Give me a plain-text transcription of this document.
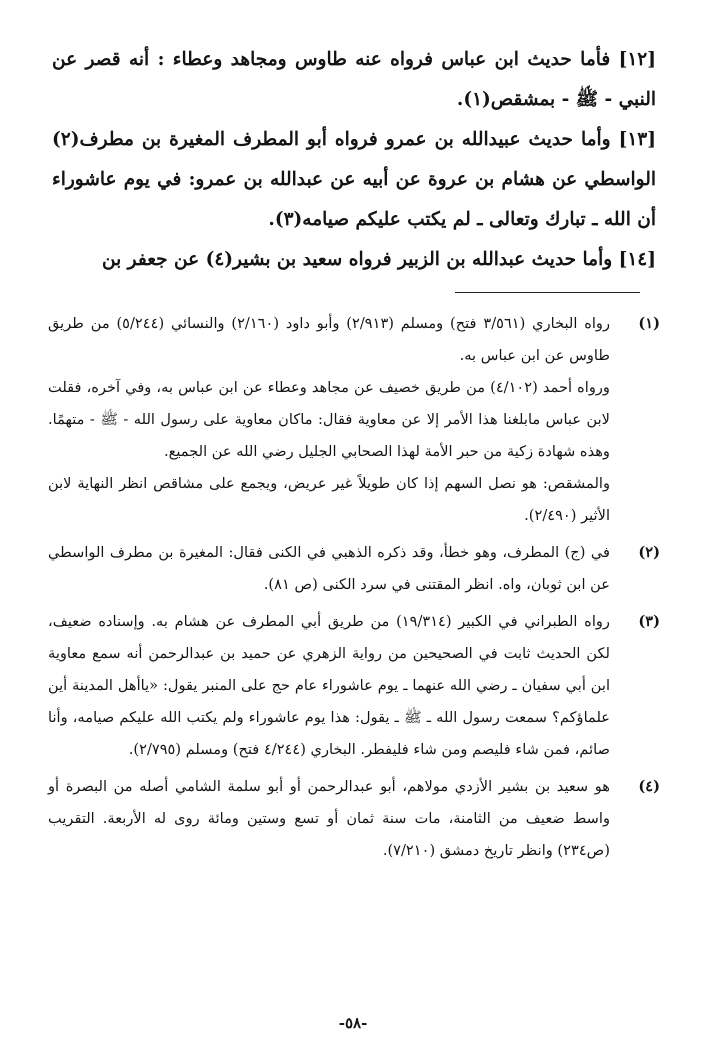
[١٢] فأما حديث ابن عباس فرواه عنه طاوس ومجاهد وعطاء : أنه قصر عن النبي - ﷺ - بمشقص(١).

[١٣] وأما حديث عبيدالله بن عمرو فرواه أبو المطرف المغيرة بن مطرف(٢) الواسطي عن هشام بن عروة عن أبيه عن عبدالله بن عمرو: في يوم عاشوراء أن الله ـ تبارك وتعالى ـ لم يكتب عليكم صيامه(٣).

[١٤] وأما حديث عبدالله بن الزبير فرواه سعيد بن بشير(٤) عن جعفر بن

(١)

رواه البخاري (٣/٥٦١ فتح) ومسلم (٢/٩١٣) وأبو داود (٢/١٦٠) والنسائي (٥/٢٤٤) من طريق طاوس عن ابن عباس به.

ورواه أحمد (٤/١٠٢) من طريق خصيف عن مجاهد وعطاء عن ابن عباس به، وفي آخره، فقلت لابن عباس مابلغنا هذا الأمر إلا عن معاوية فقال: ماكان معاوية على رسول الله - ﷺ - متهمًا. وهذه شهادة زكية من حبر الأمة لهذا الصحابي الجليل رضي الله عن الجميع.

والمشقص: هو نصل السهم إذا كان طويلاً غير عريض، ويجمع على مشاقص انظر النهاية لابن الأثير (٢/٤٩٠).

(٢)

في (ج) المطرف، وهو خطأ، وقد ذكره الذهبي في الكنى فقال: المغيرة بن مطرف الواسطي عن ابن ثوبان، واه. انظر المقتنى في سرد الكنى (ص ٨١).

(٣)

رواه الطبراني في الكبير (١٩/٣١٤) من طريق أبي المطرف عن هشام به. وإسناده ضعيف، لكن الحديث ثابت في الصحيحين من رواية الزهري عن حميد بن عبدالرحمن أنه سمع معاوية ابن أبي سفيان ـ رضي الله عنهما ـ يوم عاشوراء عام حج على المنبر يقول: «ياأهل المدينة أين علماؤكم؟ سمعت رسول الله ـ ﷺ ـ يقول: هذا يوم عاشوراء ولم يكتب الله عليكم صيامه، وأنا صائم، فمن شاء فليصم ومن شاء فليفطر. البخاري (٤/٢٤٤ فتح) ومسلم (٢/٧٩٥).

(٤)

هو سعيد بن بشير الأزدي مولاهم، أبو عبدالرحمن أو أبو سلمة الشامي أصله من البصرة أو واسط ضعيف من الثامنة، مات سنة ثمان أو تسع وستين ومائة روى له الأربعة. التقريب (ص٢٣٤) وانظر تاريخ دمشق (٧/٢١٠).

-٥٨-
